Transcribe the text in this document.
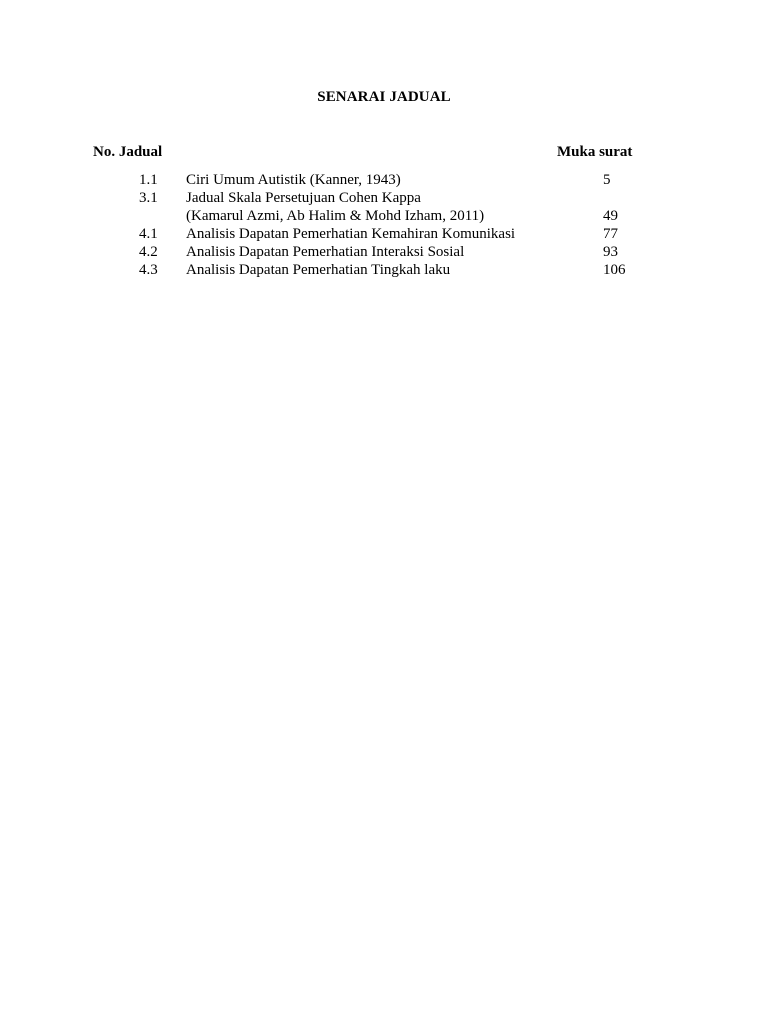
SENARAI JADUAL
No. Jadual	Muka surat
1.1	Ciri Umum Autistik (Kanner, 1943)	5
3.1	Jadual Skala Persetujuan Cohen Kappa
(Kamarul Azmi, Ab Halim & Mohd Izham, 2011)	49
4.1	Analisis Dapatan Pemerhatian Kemahiran Komunikasi	77
4.2	Analisis Dapatan Pemerhatian Interaksi Sosial	93
4.3	Analisis Dapatan Pemerhatian Tingkah laku	106
